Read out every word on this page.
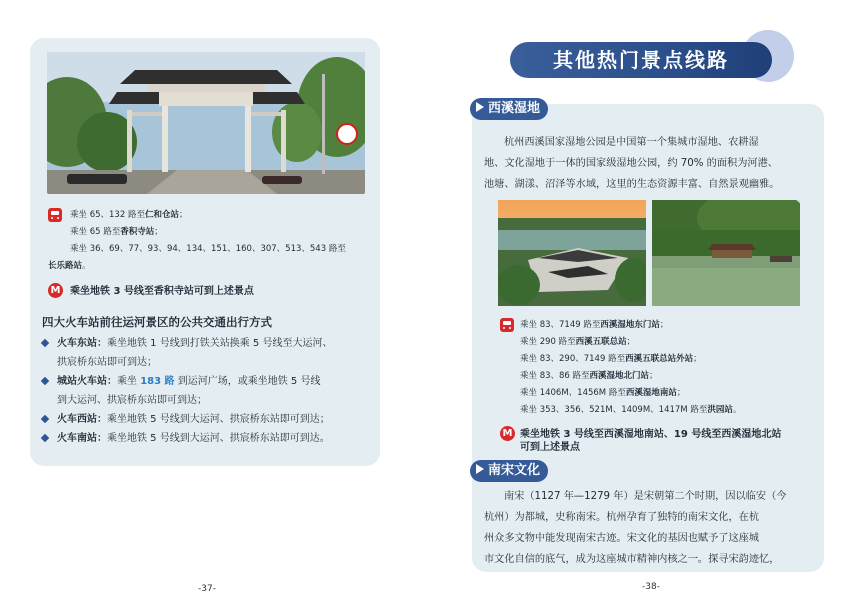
乘坐 65、132 路至仁和仓站；
乘坐 65 路至香积寺站；
乘坐 36、69、77、93、94、134、151、160、307、513、543 路至
长乐路站。
M 乘坐地铁 3 号线至香积寺站可到上述景点
四大火车站前往运河景区的公共交通出行方式
火车东站：乘坐地铁 1 号线到打铁关站换乘 5 号线至大运河、
拱宸桥东站即可到达；
城站火车站：乘坐 183 路 到运河广场，或乘坐地铁 5 号线
到大运河、拱宸桥东站即可到达；
火车西站：乘坐地铁 5 号线到大运河、拱宸桥东站即可到达；
火车南站：乘坐地铁 5 号线到大运河、拱宸桥东站即可到达。
-37-
其他热门景点线路
西溪湿地
杭州西溪国家湿地公园是中国第一个集城市湿地、农耕湿
地、文化湿地于一体的国家级湿地公园，约 70% 的面积为河港、
池塘、湖漾、沼泽等水域，这里的生态资源丰富、自然景观幽雅。
乘坐 83、7149 路至西溪湿地东门站；
乘坐 290 路至西溪五联总站；
乘坐 83、290、7149 路至西溪五联总站外站；
乘坐 83、86 路至西溪湿地北门站；
乘坐 1406M、1456M 路至西溪湿地南站；
乘坐 353、356、521M、1409M、1417M 路至洪园站。
M 乘坐地铁 3 号线至西溪湿地南站、19 号线至西溪湿地北站
可到上述景点
南宋文化
南宋（1127 年—1279 年）是宋朝第二个时期，因以临安（今
杭州）为都城，史称南宋。杭州孕育了独特的南宋文化，在杭
州众多文物中能发现南宋古迹。宋文化的基因也赋予了这座城
市文化自信的底气，成为这座城市精神内核之一。探寻宋韵迹忆，
-38-
